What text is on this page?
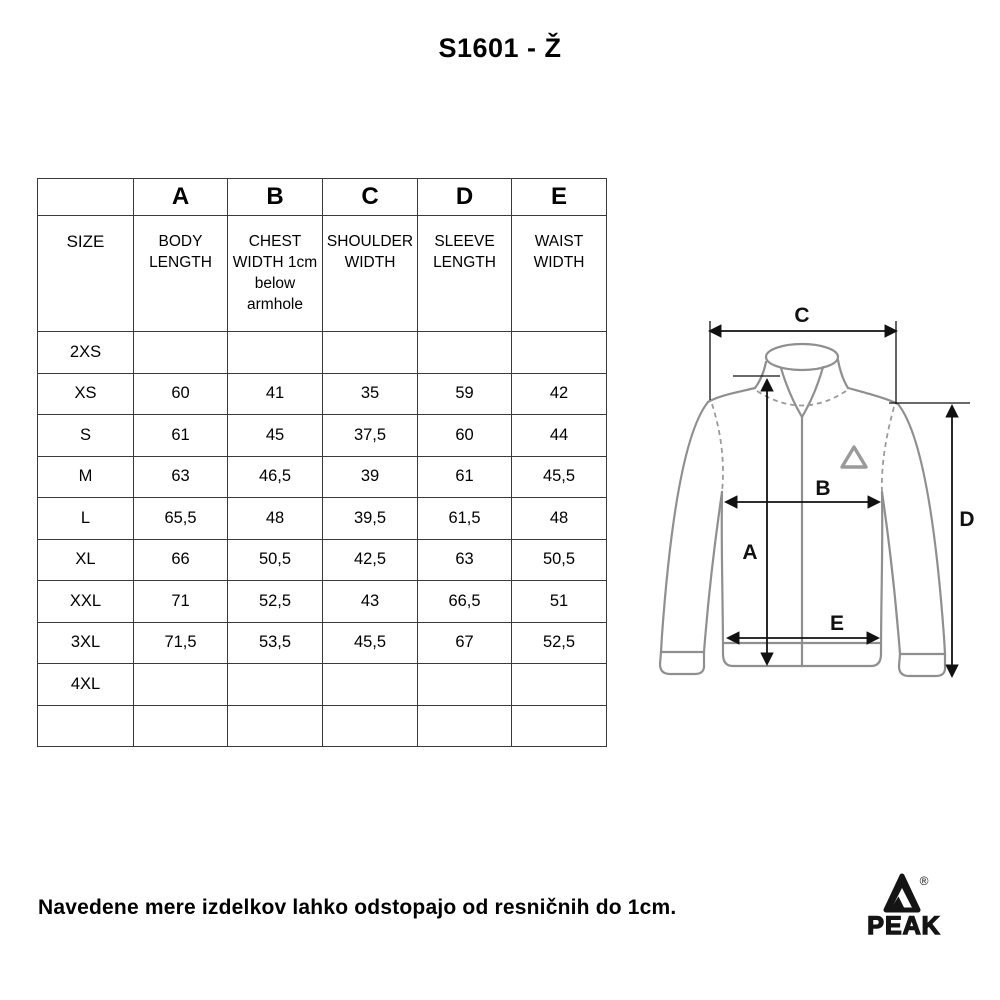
S1601 - Ž
	A	B	C	D	E
SIZE	BODY LENGTH	CHEST WIDTH 1cm below armhole	SHOULDER WIDTH	SLEEVE LENGTH	WAIST WIDTH
2XS					
XS	60	41	35	59	42
S	61	45	37,5	60	44
M	63	46,5	39	61	45,5
L	65,5	48	39,5	61,5	48
XL	66	50,5	42,5	63	50,5
XXL	71	52,5	43	66,5	51
3XL	71,5	53,5	45,5	67	52,5
4XL					

C
A
B
D
E
Navedene mere izdelkov lahko odstopajo od resničnih do 1cm.
®
PEAK
